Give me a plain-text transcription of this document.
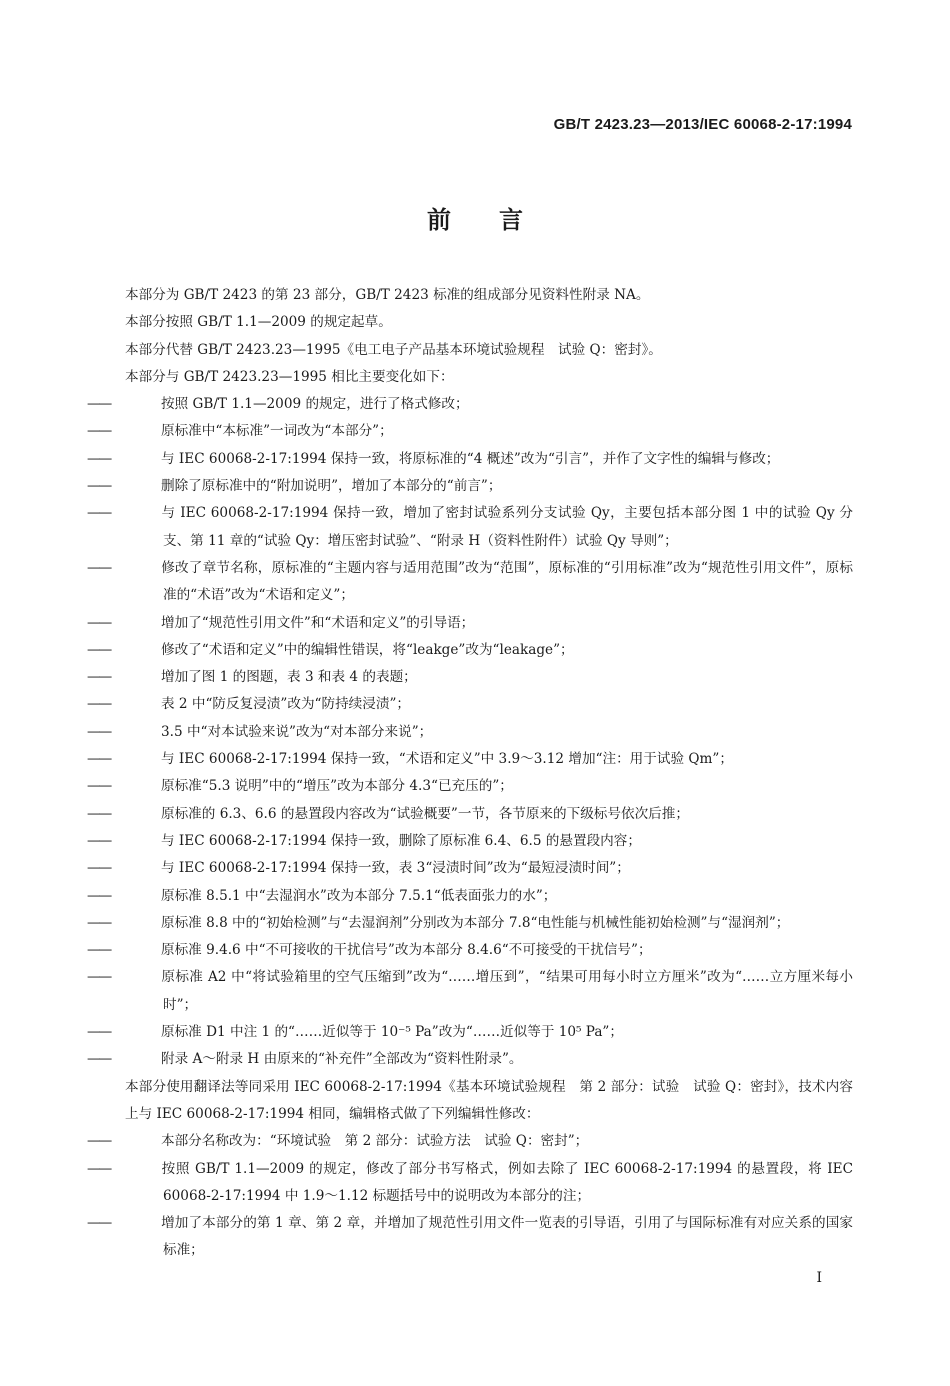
GB/T 2423.23—2013/IEC 60068-2-17:1994
前言

本部分为 GB/T 2423 的第 23 部分，GB/T 2423 标准的组成部分见资料性附录 NA。

本部分按照 GB/T 1.1—2009 的规定起草。

本部分代替 GB/T 2423.23—1995《电工电子产品基本环境试验规程　试验 Q：密封》。

本部分与 GB/T 2423.23—1995 相比主要变化如下：

——	按照 GB/T 1.1—2009 的规定，进行了格式修改；

——	原标准中“本标准”一词改为“本部分”；

——	与 IEC 60068-2-17:1994 保持一致，将原标准的“4 概述”改为“引言”，并作了文字性的编辑与修改；

——	删除了原标准中的“附加说明”，增加了本部分的“前言”；

——	与 IEC 60068-2-17:1994 保持一致，增加了密封试验系列分支试验 Qy，主要包括本部分图 1 中的试验 Qy 分支、第 11 章的“试验 Qy：增压密封试验”、“附录 H（资料性附件）试验 Qy 导则”；

——	修改了章节名称，原标准的“主题内容与适用范围”改为“范围”，原标准的“引用标准”改为“规范性引用文件”，原标准的“术语”改为“术语和定义”；

——	增加了“规范性引用文件”和“术语和定义”的引导语；

——	修改了“术语和定义”中的编辑性错误，将“leakge”改为“leakage”；

——	增加了图 1 的图题，表 3 和表 4 的表题；

——	表 2 中“防反复浸渍”改为“防持续浸渍”；

——	3.5 中“对本试验来说”改为“对本部分来说”；

——	与 IEC 60068-2-17:1994 保持一致，“术语和定义”中 3.9～3.12 增加“注：用于试验 Qm”；

——	原标准“5.3 说明”中的“增压”改为本部分 4.3“已充压的”；

——	原标准的 6.3、6.6 的悬置段内容改为“试验概要”一节，各节原来的下级标号依次后推；

——	与 IEC 60068-2-17:1994 保持一致，删除了原标准 6.4、6.5 的悬置段内容；

——	与 IEC 60068-2-17:1994 保持一致，表 3“浸渍时间”改为“最短浸渍时间”；

——	原标准 8.5.1 中“去湿润水”改为本部分 7.5.1“低表面张力的水”；

——	原标准 8.8 中的“初始检测”与“去湿润剂”分别改为本部分 7.8“电性能与机械性能初始检测”与“湿润剂”；

——	原标准 9.4.6 中“不可接收的干扰信号”改为本部分 8.4.6“不可接受的干扰信号”；

——	原标准 A2 中“将试验箱里的空气压缩到”改为“……增压到”，“结果可用每小时立方厘米”改为“……立方厘米每小时”；

——	原标准 D1 中注 1 的“……近似等于 10⁻⁵ Pa”改为“……近似等于 10⁵ Pa”；

——	附录 A～附录 H 由原来的“补充件”全部改为“资料性附录”。

本部分使用翻译法等同采用 IEC 60068-2-17:1994《基本环境试验规程　第 2 部分：试验　试验 Q：密封》，技术内容上与 IEC 60068-2-17:1994 相同，编辑格式做了下列编辑性修改：

——	本部分名称改为：“环境试验　第 2 部分：试验方法　试验 Q：密封”；

——	按照 GB/T 1.1—2009 的规定，修改了部分书写格式，例如去除了 IEC 60068-2-17:1994 的悬置段，将 IEC 60068-2-17:1994 中 1.9～1.12 标题括号中的说明改为本部分的注；

——	增加了本部分的第 1 章、第 2 章，并增加了规范性引用文件一览表的引导语，引用了与国际标准有对应关系的国家标准；

I
